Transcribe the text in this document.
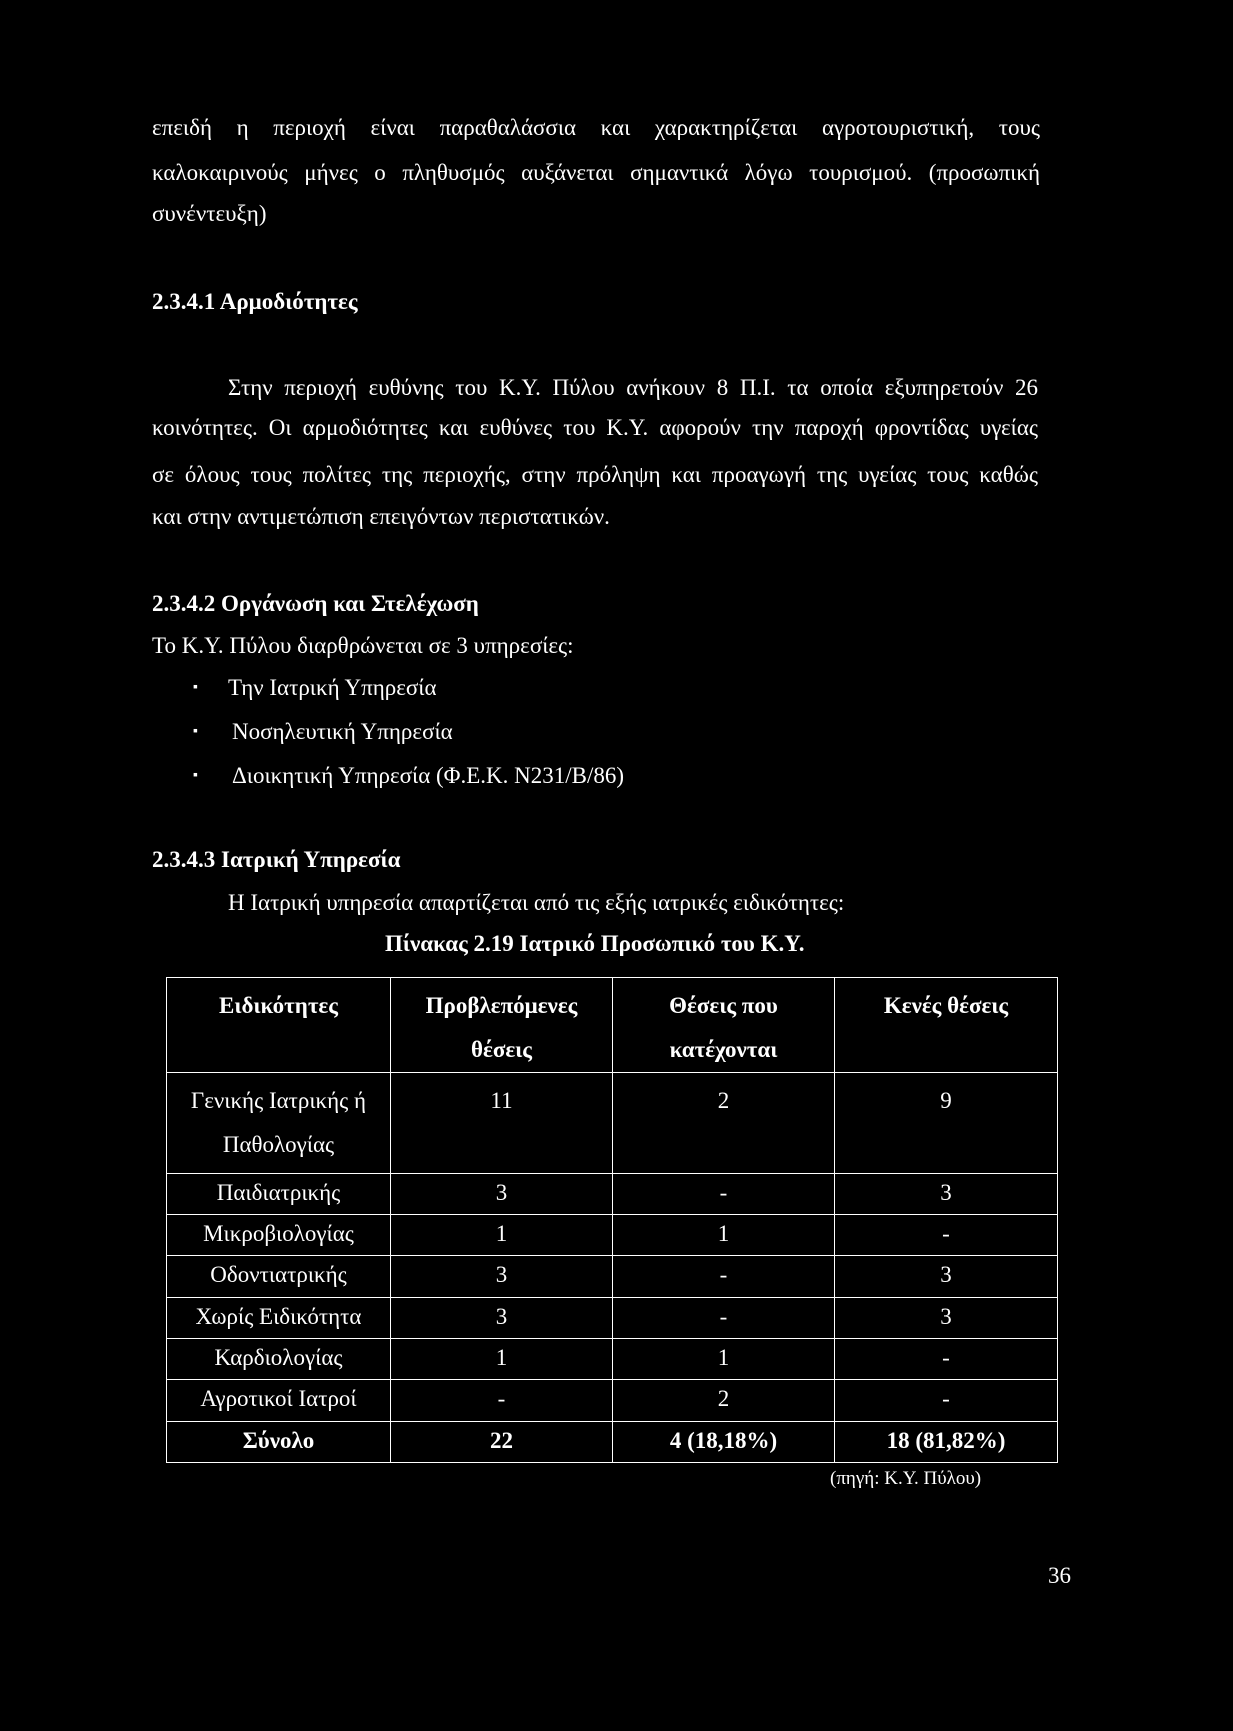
επειδή η περιοχή είναι παραθαλάσσια και χαρακτηρίζεται αγροτουριστική, τους
καλοκαιρινούς μήνες ο πληθυσμός αυξάνεται σημαντικά λόγω τουρισμού. (προσωπική
συνέντευξη)
2.3.4.1 Αρμοδιότητες
Στην περιοχή ευθύνης του Κ.Υ. Πύλου ανήκουν 8 Π.Ι. τα οποία εξυπηρετούν 26
κοινότητες. Οι αρμοδιότητες και ευθύνες του Κ.Υ. αφορούν την παροχή φροντίδας υγείας
σε όλους τους πολίτες της περιοχής, στην πρόληψη και προαγωγή της υγείας τους καθώς
και στην αντιμετώπιση επειγόντων περιστατικών.
2.3.4.2 Οργάνωση και Στελέχωση
Το Κ.Υ. Πύλου διαρθρώνεται σε 3 υπηρεσίες:
▪ Την Ιατρική Υπηρεσία
▪ Νοσηλευτική Υπηρεσία
▪ Διοικητική Υπηρεσία (Φ.Ε.Κ. Ν231/Β/86)
2.3.4.3 Ιατρική Υπηρεσία
Η Ιατρική υπηρεσία απαρτίζεται από τις εξής ιατρικές ειδικότητες:
Πίνακας 2.19 Ιατρικό Προσωπικό του Κ.Υ.
Ειδικότητες	Προβλεπόμενες θέσεις	Θέσεις που κατέχονται	Κενές θέσεις
Γενικής Ιατρικής ή Παθολογίας	11	2	9
Παιδιατρικής	3	-	3
Μικροβιολογίας	1	1	-
Οδοντιατρικής	3	-	3
Χωρίς Ειδικότητα	3	-	3
Καρδιολογίας	1	1	-
Αγροτικοί Ιατροί	-	2	-
Σύνολο	22	4 (18,18%)	18 (81,82%)
(πηγή: Κ.Υ. Πύλου)
36
